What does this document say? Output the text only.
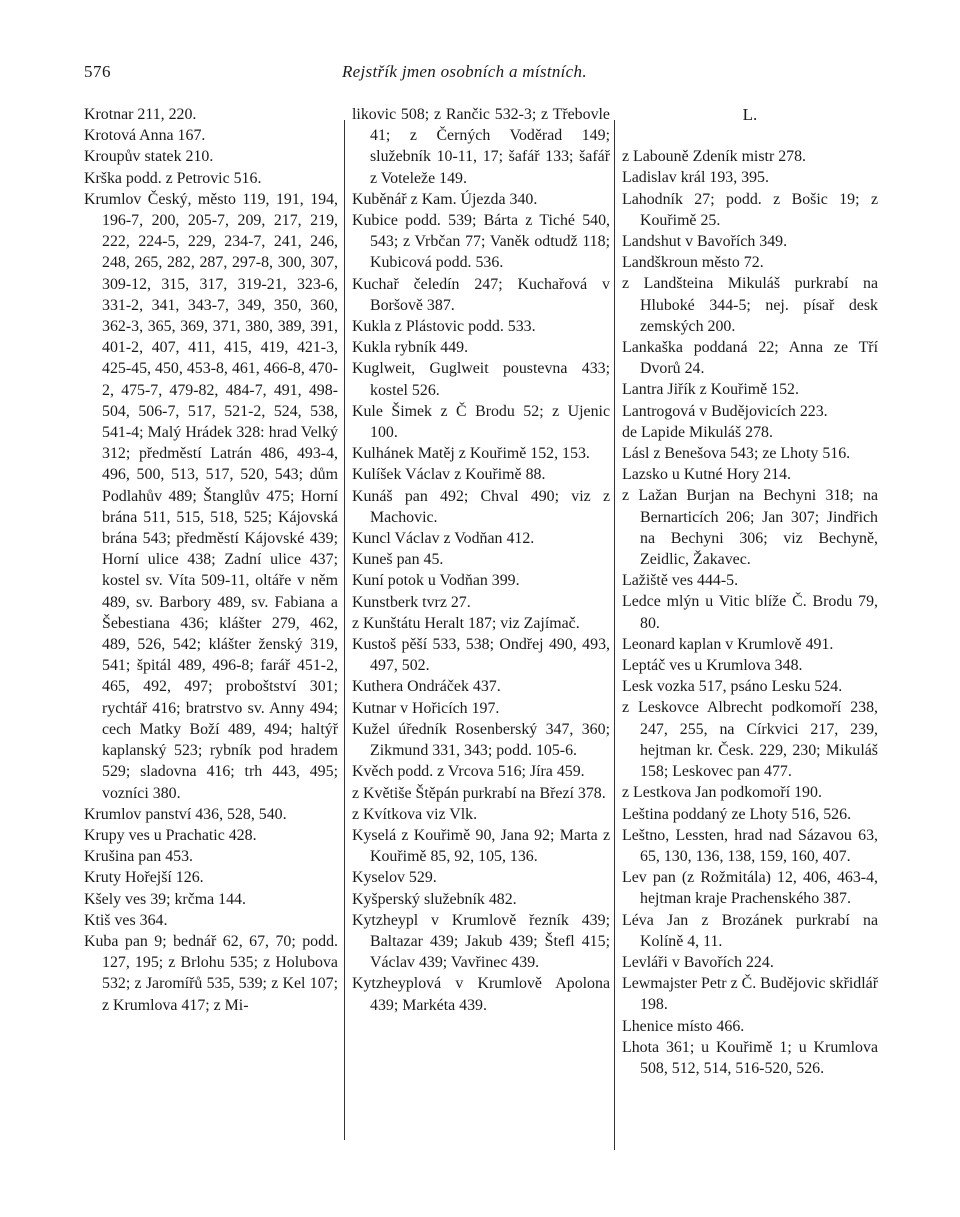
576	Rejstřík jmen osobních a místních.

Krotnar 211, 220.

Krotová Anna 167.

Kroupův statek 210.

Krška podd. z Petrovic 516.

Krumlov Český, město 119, 191, 194, 196-7, 200, 205-7, 209, 217, 219, 222, 224-5, 229, 234-7, 241, 246, 248, 265, 282, 287, 297-8, 300, 307, 309-12, 315, 317, 319-21, 323-6, 331-2, 341, 343-7, 349, 350, 360, 362-3, 365, 369, 371, 380, 389, 391, 401-2, 407, 411, 415, 419, 421-3, 425-45, 450, 453-8, 461, 466-8, 470-2, 475-7, 479-82, 484-7, 491, 498-504, 506-7, 517, 521-2, 524, 538, 541-4; Malý Hrádek 328: hrad Velký 312; předměstí Latrán 486, 493-4, 496, 500, 513, 517, 520, 543; dům Podlahův 489; Štanglův 475; Horní brána 511, 515, 518, 525; Kájovská brána 543; předměstí Kájovské 439; Horní ulice 438; Zadní ulice 437; kostel sv. Víta 509-11, oltáře v něm 489, sv. Barbory 489, sv. Fabiana a Šebestiana 436; klášter 279, 462, 489, 526, 542; klášter ženský 319, 541; špitál 489, 496-8; farář 451-2, 465, 492, 497; proboštství 301; rychtář 416; bratrstvo sv. Anny 494; cech Matky Boží 489, 494; haltýř kaplanský 523; rybník pod hradem 529; sladovna 416; trh 443, 495; vozníci 380.

Krumlov panství 436, 528, 540.

Krupy ves u Prachatic 428.

Krušina pan 453.

Kruty Hořejší 126.

Kšely ves 39; krčma 144.

Ktiš ves 364.

Kuba pan 9; bednář 62, 67, 70; podd. 127, 195; z Brlohu 535; z Holubova 532; z Jaromířů 535, 539; z Kel 107; z Krumlova 417; z Mi-

likovic 508; z Rančic 532-3; z Třebovle 41; z Černých Voděrad 149; služebník 10-11, 17; šafář 133; šafář z Voteleže 149.

Kuběnář z Kam. Újezda 340.

Kubice podd. 539; Bárta z Tiché 540, 543; z Vrbčan 77; Vaněk odtudž 118; Kubicová podd. 536.

Kuchař čeledín 247; Kuchařová v Boršově 387.

Kukla z Plástovic podd. 533.

Kukla rybník 449.

Kuglweit, Guglweit poustevna 433; kostel 526.

Kule Šimek z Č Brodu 52; z Ujenic 100.

Kulhánek Matěj z Kouřimě 152, 153.

Kulíšek Václav z Kouřimě 88.

Kunáš pan 492; Chval 490; viz z Machovic.

Kuncl Václav z Vodňan 412.

Kuneš pan 45.

Kuní potok u Vodňan 399.

Kunstberk tvrz 27.

z Kunštátu Heralt 187; viz Zajímač.

Kustoš pěší 533, 538; Ondřej 490, 493, 497, 502.

Kuthera Ondráček 437.

Kutnar v Hořicích 197.

Kužel úředník Rosenberský 347, 360; Zikmund 331, 343; podd. 105-6.

Kvěch podd. z Vrcova 516; Jíra 459.

z Květiše Štěpán purkrabí na Březí 378.

z Kvítkova viz Vlk.

Kyselá z Kouřimě 90, Jana 92; Marta z Kouřimě 85, 92, 105, 136.

Kyselov 529.

Kyšperský služebník 482.

Kytzheypl v Krumlově řezník 439; Baltazar 439; Jakub 439; Štefl 415; Václav 439; Vavřinec 439.

Kytzheyplová v Krumlově Apolona 439; Markéta 439.

L.

z Labouně Zdeník mistr 278.

Ladislav král 193, 395.

Lahodník 27; podd. z Bošic 19; z Kouřimě 25.

Landshut v Bavořích 349.

Landškroun město 72.

z Landšteina Mikuláš purkrabí na Hluboké 344-5; nej. písař desk zemských 200.

Lankaška poddaná 22; Anna ze Tří Dvorů 24.

Lantra Jiřík z Kouřimě 152.

Lantrogová v Budějovicích 223.

de Lapide Mikuláš 278.

Lásl z Benešova 543; ze Lhoty 516.

Lazsko u Kutné Hory 214.

z Lažan Burjan na Bechyni 318; na Bernarticích 206; Jan 307; Jindřich na Bechyni 306; viz Bechyně, Zeidlic, Žakavec.

Lažiště ves 444-5.

Ledce mlýn u Vitic blíže Č. Brodu 79, 80.

Leonard kaplan v Krumlově 491.

Leptáč ves u Krumlova 348.

Lesk vozka 517, psáno Lesku 524.

z Leskovce Albrecht podkomoří 238, 247, 255, na Církvici 217, 239, hejtman kr. Česk. 229, 230; Mikuláš 158; Leskovec pan 477.

z Lestkova Jan podkomoří 190.

Leština poddaný ze Lhoty 516, 526.

Leštno, Lessten, hrad nad Sázavou 63, 65, 130, 136, 138, 159, 160, 407.

Lev pan (z Rožmitála) 12, 406, 463-4, hejtman kraje Prachenského 387.

Léva Jan z Brozánek purkrabí na Kolíně 4, 11.

Levláři v Bavořích 224.

Lewmajster Petr z Č. Budějovic skřidlář 198.

Lhenice místo 466.

Lhota 361; u Kouřimě 1; u Krumlova 508, 512, 514, 516-520, 526.
